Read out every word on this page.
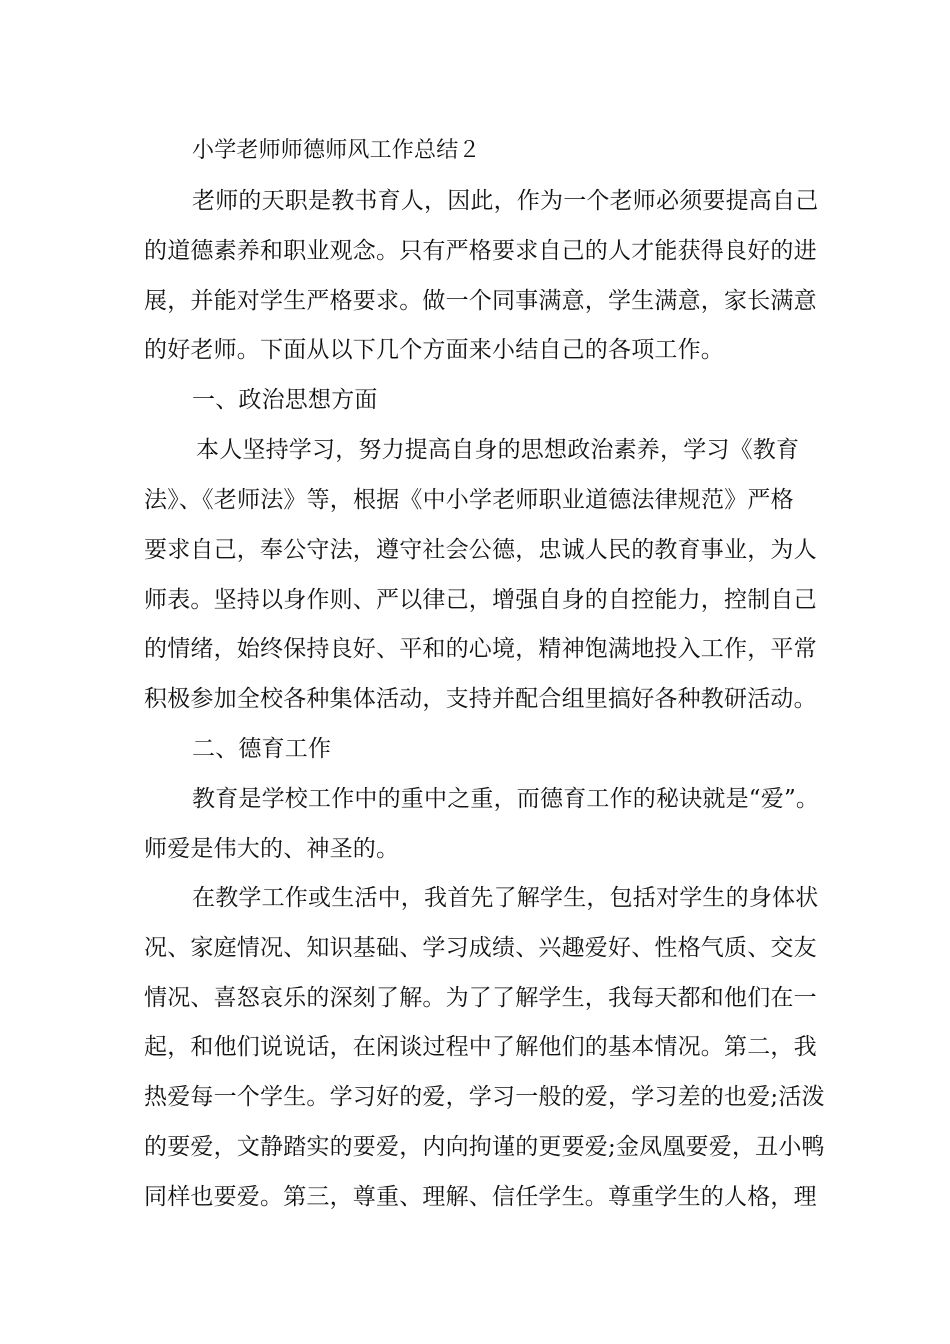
小学老师师德师风工作总结２
老师的天职是教书育人，因此，作为一个老师必须要提高自己
的道德素养和职业观念。只有严格要求自己的人才能获得良好的进
展，并能对学生严格要求。做一个同事满意，学生满意，家长满意
的好老师。下面从以下几个方面来小结自己的各项工作。
一、政治思想方面
本人坚持学习，努力提高自身的思想政治素养，学习《教育
法》、《老师法》等，根据《中小学老师职业道德法律规范》严格
要求自己，奉公守法，遵守社会公德，忠诚人民的教育事业，为人
师表。坚持以身作则、严以律己，增强自身的自控能力，控制自己
的情绪，始终保持良好、平和的心境，精神饱满地投入工作，平常
积极参加全校各种集体活动，支持并配合组里搞好各种教研活动。
二、德育工作
教育是学校工作中的重中之重，而德育工作的秘诀就是“爱”。
师爱是伟大的、神圣的。
在教学工作或生活中，我首先了解学生，包括对学生的身体状
况、家庭情况、知识基础、学习成绩、兴趣爱好、性格气质、交友
情况、喜怒哀乐的深刻了解。为了了解学生，我每天都和他们在一
起，和他们说说话，在闲谈过程中了解他们的基本情况。第二，我
热爱每一个学生。学习好的爱，学习一般的爱，学习差的也爱;活泼
的要爱，文静踏实的要爱，内向拘谨的更要爱;金凤凰要爱，丑小鸭
同样也要爱。第三，尊重、理解、信任学生。尊重学生的人格，理
